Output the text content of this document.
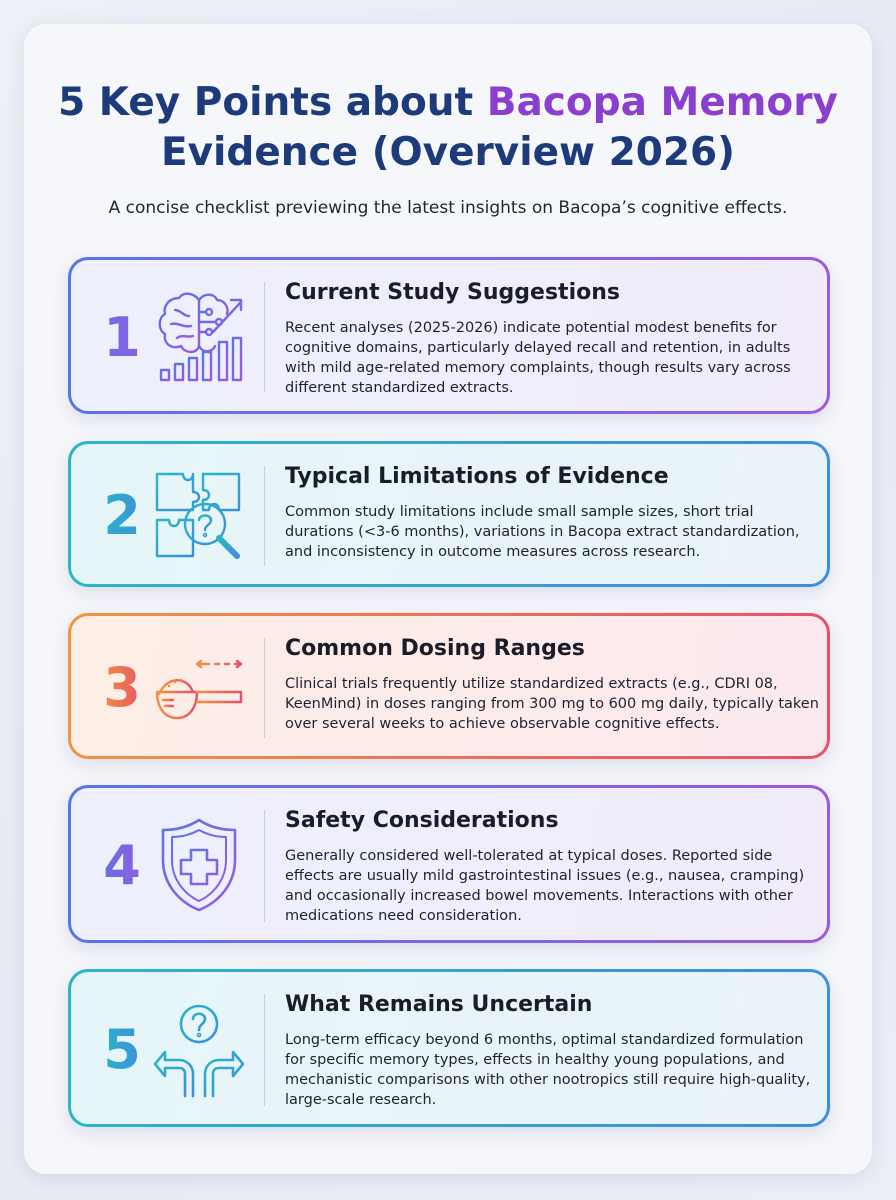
5 Key Points about Bacopa Memory
Evidence (Overview 2026)

A concise checklist previewing the latest insights on Bacopa’s cognitive effects.

1
Current Study Suggestions

Recent analyses (2025-2026) indicate potential modest benefits for cognitive domains, particularly delayed recall and retention, in adults with mild age-related memory complaints, though results vary across different standardized extracts.

2
Typical Limitations of Evidence

Common study limitations include small sample sizes, short trial durations (<3-6 months), variations in Bacopa extract standardization, and inconsistency in outcome measures across research.

3
Common Dosing Ranges

Clinical trials frequently utilize standardized extracts (e.g., CDRI 08, KeenMind) in doses ranging from 300 mg to 600 mg daily, typically taken over several weeks to achieve observable cognitive effects.

4
Safety Considerations

Generally considered well-tolerated at typical doses. Reported side effects are usually mild gastrointestinal issues (e.g., nausea, cramping) and occasionally increased bowel movements. Interactions with other medications need consideration.

5
What Remains Uncertain

Long-term efficacy beyond 6 months, optimal standardized formulation for specific memory types, effects in healthy young populations, and mechanistic comparisons with other nootropics still require high-quality, large-scale research.
